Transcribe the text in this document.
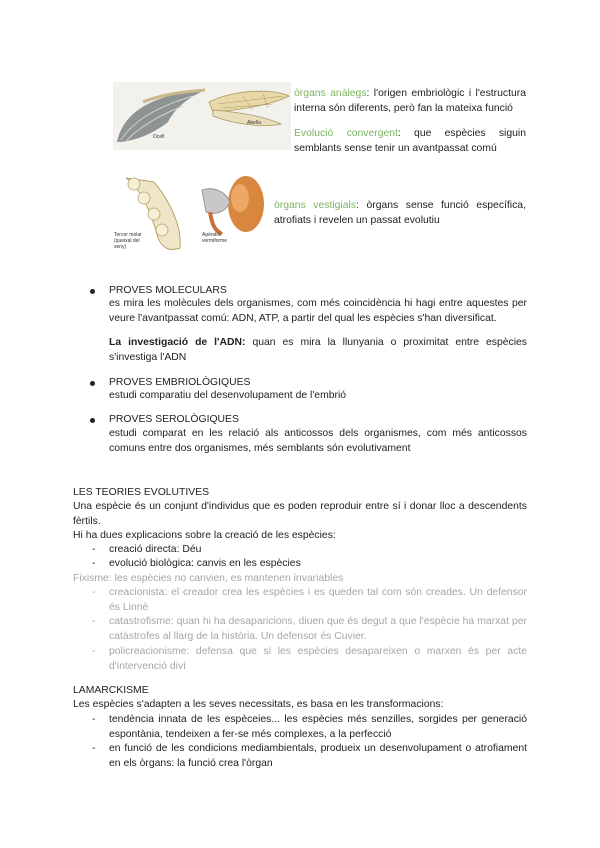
Ocell
Abella
òrgans anàlegs: l'origen embriològic i l'estructura interna són diferents, però fan la mateixa funció
Evolució convergent: que espècies siguin semblants sense tenir un avantpassat comú
Tercer molar (queixal del seny)
Apèndix vermiforme
òrgans vestigials: òrgans sense funció específica, atrofiats i revelen un passat evolutiu
PROVES MOLECULARS
es mira les molècules dels organismes, com més coincidència hi hagi entre aquestes per veure l'avantpassat comú: ADN, ATP, a partir del qual les espècies s'han diversificat.
La investigació de l'ADN: quan es mira la llunyania o proximitat entre espècies s'investiga l'ADN
PROVES EMBRIOLÒGIQUES
estudi comparatiu del desenvolupament de l'embrió
PROVES SEROLÒGIQUES
estudi comparat en les relació als anticossos dels organismes, com més anticossos comuns entre dos organismes, més semblants són evolutivament
LES TEORIES EVOLUTIVES
Una espècie és un conjunt d'individus que es poden reproduir entre sí i donar lloc a descendents fèrtils.
Hi ha dues explicacions sobre la creació de les espècies:
- creació directa: Déu
- evolució biològica: canvis en les espècies
Fixisme: les espècies no canvien, es mantenen invariables
- creacionista: el creador crea les espècies i es queden tal com són creades. Un defensor és Linnè
- catastrofisme: quan hi ha desaparicions, diuen que és degut a que l'espècie ha marxat per catàstrofes al llarg de la història. Un defensor és Cuvier.
- policreacionisme: defensa que si les espècies desapareixen o marxen és per acte d'intervenció diví
LAMARCKISME
Les espècies s'adapten a les seves necessitats, es basa en les transformacions:
- tendència innata de les espèceies... les espècies més senzilles, sorgides per generació espontània, tendeixen a fer-se més complexes, a la perfecció
- en funció de les condicions mediambientals, produeix un desenvolupament o atrofiament en els òrgans: la funció crea l'òrgan
